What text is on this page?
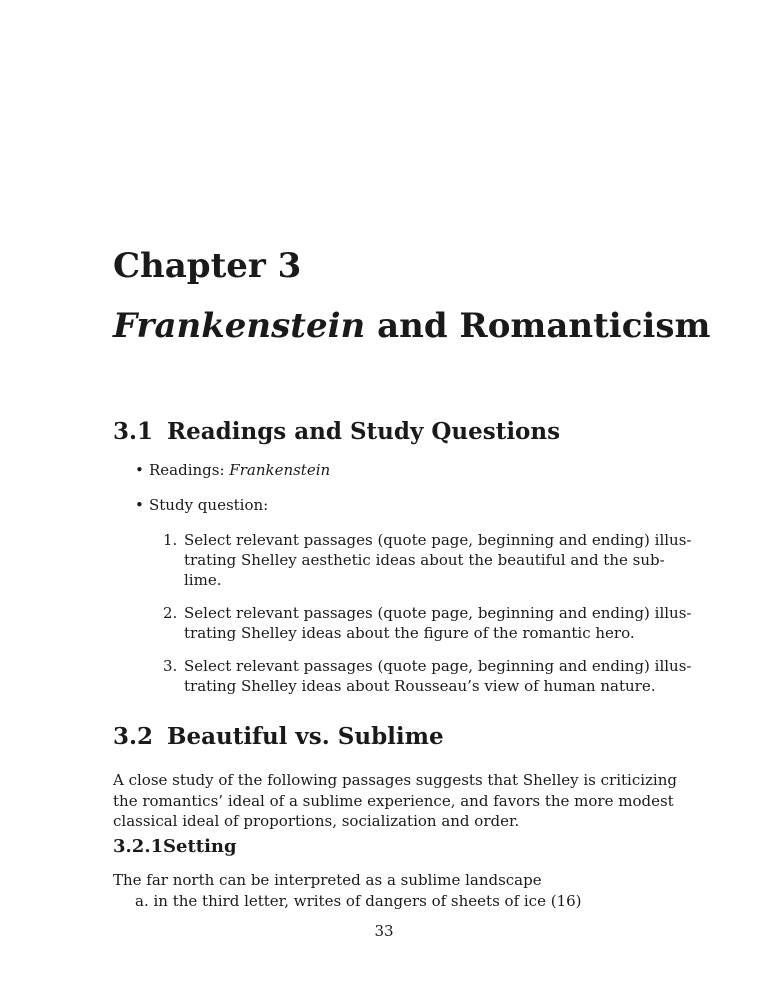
Chapter 3
Frankenstein and Romanticism
3.1 Readings and Study Questions
• Readings: Frankenstein
• Study question:
1. Select relevant passages (quote page, beginning and ending) illus-
trating Shelley aesthetic ideas about the beautiful and the sub-
lime.
2. Select relevant passages (quote page, beginning and ending) illus-
trating Shelley ideas about the figure of the romantic hero.
3. Select relevant passages (quote page, beginning and ending) illus-
trating Shelley ideas about Rousseau’s view of human nature.
3.2 Beautiful vs. Sublime
A close study of the following passages suggests that Shelley is criticizing
the romantics’ ideal of a sublime experience, and favors the more modest
classical ideal of proportions, socialization and order.
3.2.1Setting
The far north can be interpreted as a sublime landscape
a. in the third letter, writes of dangers of sheets of ice (16)
33
